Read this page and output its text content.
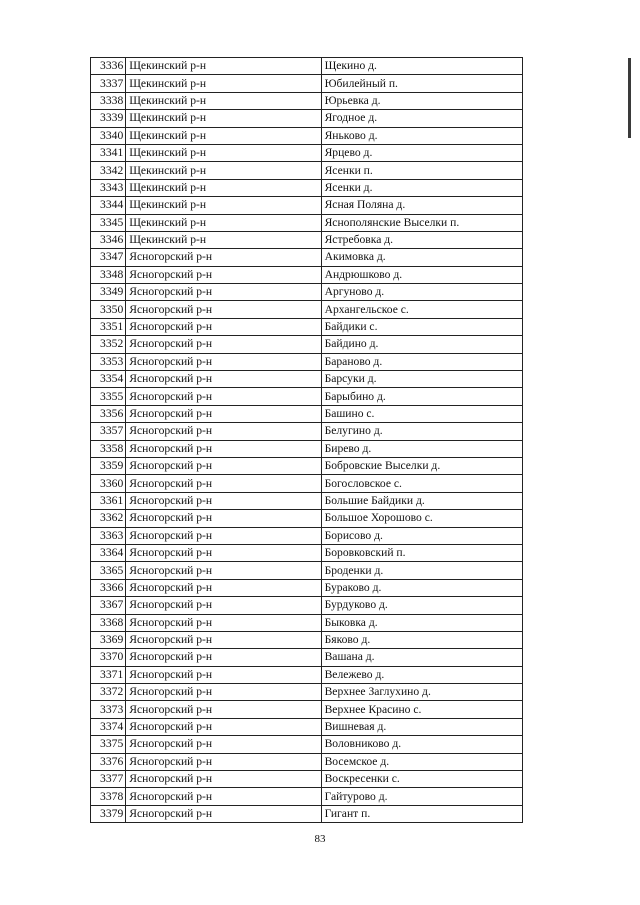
3336	Щекинский р-н	Щекино д.
3337	Щекинский р-н	Юбилейный п.
3338	Щекинский р-н	Юрьевка д.
3339	Щекинский р-н	Ягодное д.
3340	Щекинский р-н	Яньково д.
3341	Щекинский р-н	Ярцево д.
3342	Щекинский р-н	Ясенки п.
3343	Щекинский р-н	Ясенки д.
3344	Щекинский р-н	Ясная Поляна д.
3345	Щекинский р-н	Яснополянские Выселки п.
3346	Щекинский р-н	Ястребовка д.
3347	Ясногорский р-н	Акимовка д.
3348	Ясногорский р-н	Андрюшково д.
3349	Ясногорский р-н	Аргуново д.
3350	Ясногорский р-н	Архангельское с.
3351	Ясногорский р-н	Байдики с.
3352	Ясногорский р-н	Байдино д.
3353	Ясногорский р-н	Бараново д.
3354	Ясногорский р-н	Барсуки д.
3355	Ясногорский р-н	Барыбино д.
3356	Ясногорский р-н	Башино с.
3357	Ясногорский р-н	Белугино д.
3358	Ясногорский р-н	Бирево д.
3359	Ясногорский р-н	Бобровские Выселки д.
3360	Ясногорский р-н	Богословское с.
3361	Ясногорский р-н	Большие Байдики д.
3362	Ясногорский р-н	Большое Хорошово с.
3363	Ясногорский р-н	Борисово д.
3364	Ясногорский р-н	Боровковский п.
3365	Ясногорский р-н	Броденки д.
3366	Ясногорский р-н	Бураково д.
3367	Ясногорский р-н	Бурдуково д.
3368	Ясногорский р-н	Быковка д.
3369	Ясногорский р-н	Бяково д.
3370	Ясногорский р-н	Вашана д.
3371	Ясногорский р-н	Вележево д.
3372	Ясногорский р-н	Верхнее Заглухино д.
3373	Ясногорский р-н	Верхнее Красино с.
3374	Ясногорский р-н	Вишневая д.
3375	Ясногорский р-н	Воловниково д.
3376	Ясногорский р-н	Восемское д.
3377	Ясногорский р-н	Воскресенки с.
3378	Ясногорский р-н	Гайтурово д.
3379	Ясногорский р-н	Гигант п.
83
